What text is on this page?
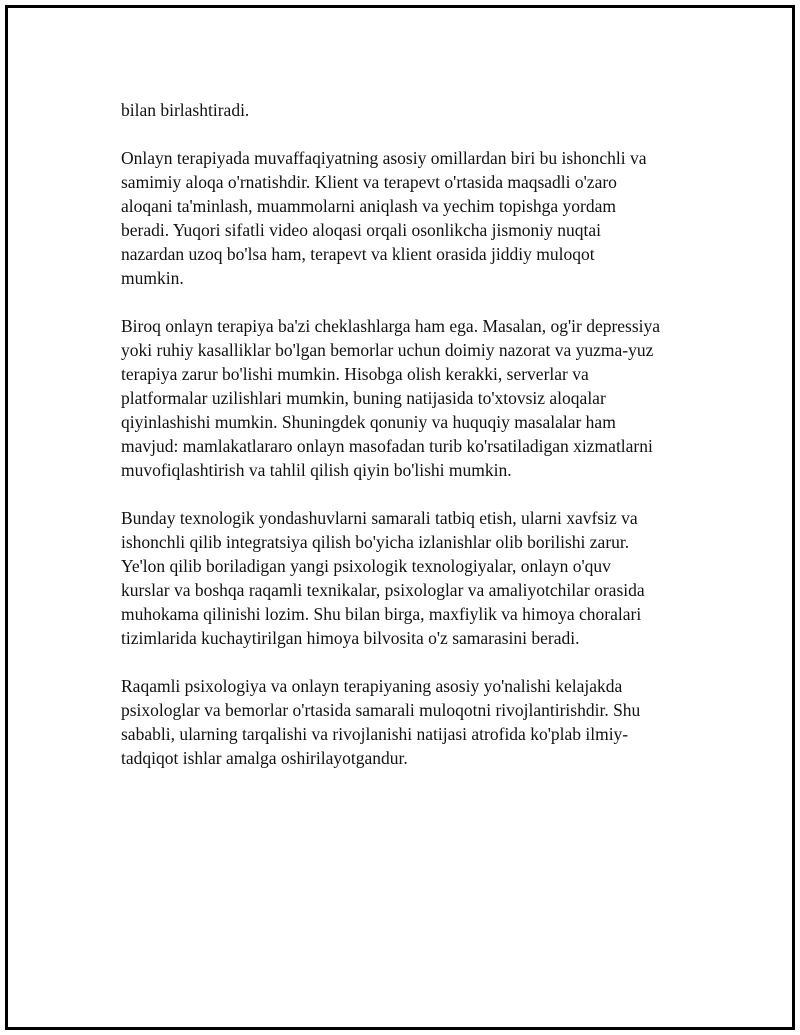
bilan birlashtiradi.

Onlayn terapiyada muvaffaqiyatning asosiy omillardan biri bu ishonchli va
samimiy aloqa o'rnatishdir. Klient va terapevt o'rtasida maqsadli o'zaro
aloqani ta'minlash, muammolarni aniqlash va yechim topishga yordam
beradi. Yuqori sifatli video aloqasi orqali osonlikcha jismoniy nuqtai
nazardan uzoq bo'lsa ham, terapevt va klient orasida jiddiy muloqot
mumkin.

Biroq onlayn terapiya ba'zi cheklashlarga ham ega. Masalan, og'ir depressiya
yoki ruhiy kasalliklar bo'lgan bemorlar uchun doimiy nazorat va yuzma-yuz
terapiya zarur bo'lishi mumkin. Hisobga olish kerakki, serverlar va
platformalar uzilishlari mumkin, buning natijasida to'xtovsiz aloqalar
qiyinlashishi mumkin. Shuningdek qonuniy va huquqiy masalalar ham
mavjud: mamlakatlararo onlayn masofadan turib ko'rsatiladigan xizmatlarni
muvofiqlashtirish va tahlil qilish qiyin bo'lishi mumkin.

Bunday texnologik yondashuvlarni samarali tatbiq etish, ularni xavfsiz va
ishonchli qilib integratsiya qilish bo'yicha izlanishlar olib borilishi zarur.
Ye'lon qilib boriladigan yangi psixologik texnologiyalar, onlayn o'quv
kurslar va boshqa raqamli texnikalar, psixologlar va amaliyotchilar orasida
muhokama qilinishi lozim. Shu bilan birga, maxfiylik va himoya choralari
tizimlarida kuchaytirilgan himoya bilvosita o'z samarasini beradi.

Raqamli psixologiya va onlayn terapiyaning asosiy yo'nalishi kelajakda
psixologlar va bemorlar o'rtasida samarali muloqotni rivojlantirishdir. Shu
sababli, ularning tarqalishi va rivojlanishi natijasi atrofida ko'plab ilmiy-
tadqiqot ishlar amalga oshirilayotgandur.
